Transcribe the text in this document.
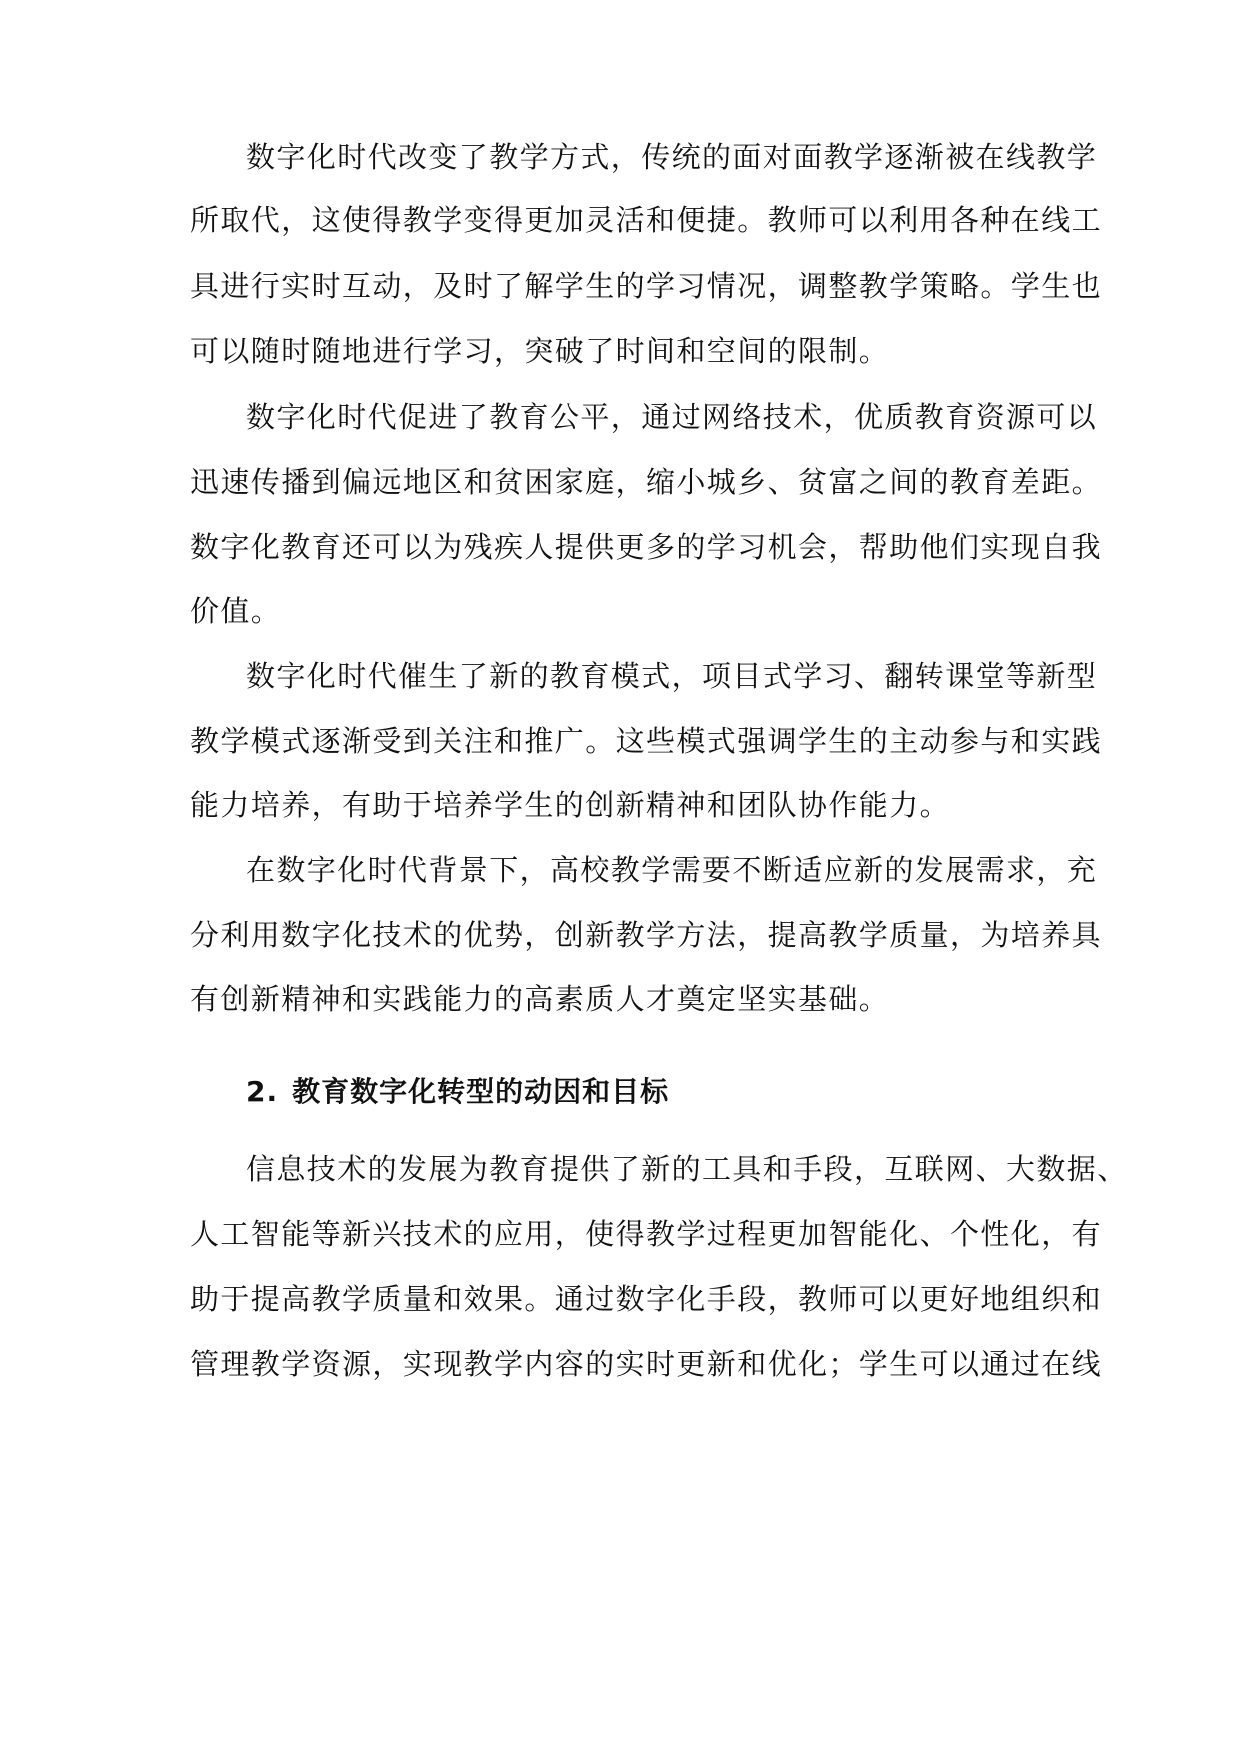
数字化时代改变了教学方式，传统的面对面教学逐渐被在线教学
所取代，这使得教学变得更加灵活和便捷。教师可以利用各种在线工
具进行实时互动，及时了解学生的学习情况，调整教学策略。学生也
可以随时随地进行学习，突破了时间和空间的限制。
数字化时代促进了教育公平，通过网络技术，优质教育资源可以
迅速传播到偏远地区和贫困家庭，缩小城乡、贫富之间的教育差距。
数字化教育还可以为残疾人提供更多的学习机会，帮助他们实现自我
价值。
数字化时代催生了新的教育模式，项目式学习、翻转课堂等新型
教学模式逐渐受到关注和推广。这些模式强调学生的主动参与和实践
能力培养，有助于培养学生的创新精神和团队协作能力。
在数字化时代背景下，高校教学需要不断适应新的发展需求，充
分利用数字化技术的优势，创新教学方法，提高教学质量，为培养具
有创新精神和实践能力的高素质人才奠定坚实基础。
2. 教育数字化转型的动因和目标
信息技术的发展为教育提供了新的工具和手段，互联网、大数据、
人工智能等新兴技术的应用，使得教学过程更加智能化、个性化，有
助于提高教学质量和效果。通过数字化手段，教师可以更好地组织和
管理教学资源，实现教学内容的实时更新和优化；学生可以通过在线
